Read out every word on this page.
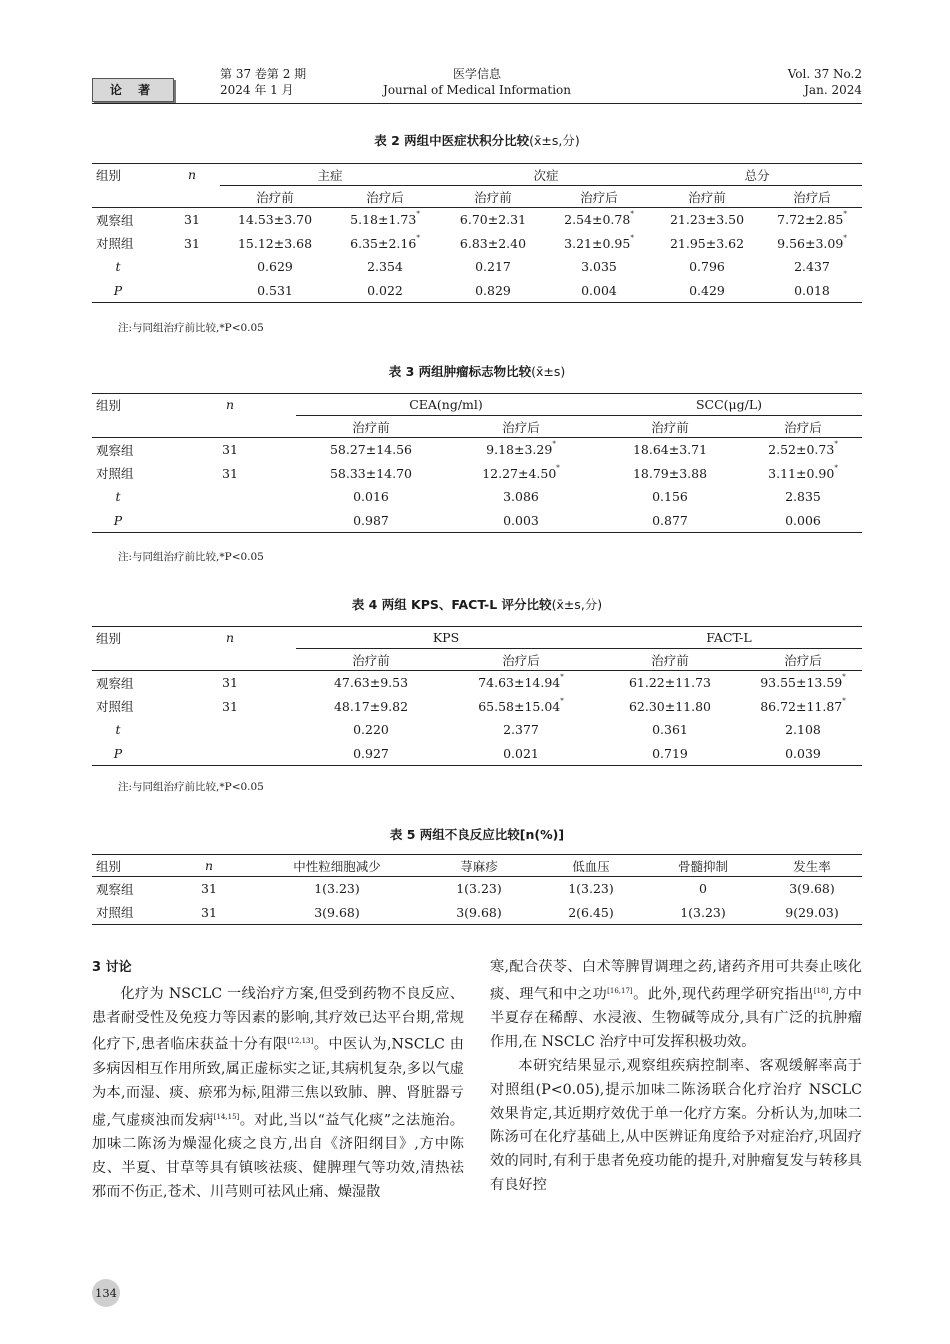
论 著
第 37 卷第 2 期
2024 年 1 月
医学信息
Journal of Medical Information
Vol. 37 No.2
Jan. 2024
表 2 两组中医症状积分比较(x̄±s,分)
组别	n	主症		次症		总分	
		治疗前	治疗后	治疗前	治疗后	治疗前	治疗后
观察组	31	14.53±3.70	5.18±1.73*	6.70±2.31	2.54±0.78*	21.23±3.50	7.72±2.85*
对照组	31	15.12±3.68	6.35±2.16*	6.83±2.40	3.21±0.95*	21.95±3.62	9.56±3.09*
t		0.629	2.354	0.217	3.035	0.796	2.437
P		0.531	0.022	0.829	0.004	0.429	0.018
注:与同组治疗前比较,*P<0.05
表 3 两组肿瘤标志物比较(x̄±s)
组别	n	CEA(ng/ml)		SCC(μg/L)	
		治疗前	治疗后	治疗前	治疗后
观察组	31	58.27±14.56	9.18±3.29*	18.64±3.71	2.52±0.73*
对照组	31	58.33±14.70	12.27±4.50*	18.79±3.88	3.11±0.90*
t		0.016	3.086	0.156	2.835
P		0.987	0.003	0.877	0.006
注:与同组治疗前比较,*P<0.05
表 4 两组 KPS、FACT-L 评分比较(x̄±s,分)
组别	n	KPS		FACT-L	
		治疗前	治疗后	治疗前	治疗后
观察组	31	47.63±9.53	74.63±14.94*	61.22±11.73	93.55±13.59*
对照组	31	48.17±9.82	65.58±15.04*	62.30±11.80	86.72±11.87*
t		0.220	2.377	0.361	2.108
P		0.927	0.021	0.719	0.039
注:与同组治疗前比较,*P<0.05
表 5 两组不良反应比较[n(%)]
组别	n	中性粒细胞减少	荨麻疹	低血压	骨髓抑制	发生率
观察组	31	1(3.23)	1(3.23)	1(3.23)	0	3(9.68)
对照组	31	3(9.68)	3(9.68)	2(6.45)	1(3.23)	9(29.03)
3 讨论

化疗为 NSCLC 一线治疗方案,但受到药物不良反应、患者耐受性及免疫力等因素的影响,其疗效已达平台期,常规化疗下,患者临床获益十分有限[12,13]。中医认为,NSCLC 由多病因相互作用所致,属正虚标实之证,其病机复杂,多以气虚为本,而湿、痰、瘀邪为标,阻滞三焦以致肺、脾、肾脏器亏虚,气虚痰浊而发病[14,15]。对此,当以“益气化痰”之法施治。加味二陈汤为燥湿化痰之良方,出自《济阳纲目》,方中陈皮、半夏、甘草等具有镇咳祛痰、健脾理气等功效,清热祛邪而不伤正,苍术、川芎则可祛风止痛、燥湿散

寒,配合茯苓、白术等脾胃调理之药,诸药齐用可共奏止咳化痰、理气和中之功[16,17]。此外,现代药理学研究指出[18],方中半夏存在稀醇、水浸液、生物碱等成分,具有广泛的抗肿瘤作用,在 NSCLC 治疗中可发挥积极功效。

本研究结果显示,观察组疾病控制率、客观缓解率高于对照组(P<0.05),提示加味二陈汤联合化疗治疗 NSCLC 效果肯定,其近期疗效优于单一化疗方案。分析认为,加味二陈汤可在化疗基础上,从中医辨证角度给予对症治疗,巩固疗效的同时,有利于患者免疫功能的提升,对肿瘤复发与转移具有良好控

134
